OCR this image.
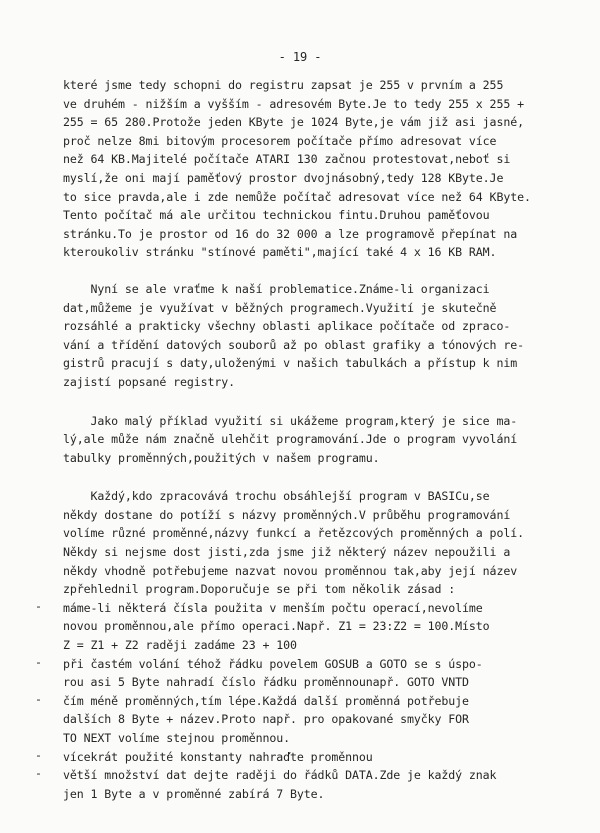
- 19 -
které jsme tedy schopni do registru zapsat je 255 v prvním a 255
ve druhém - nižším a vyšším - adresovém Byte.Je to tedy 255 x 255 +
255 = 65 280.Protože jeden KByte je 1024 Byte,je vám již asi jasné,
proč nelze 8mi bitovým procesorem počítače přímo adresovat více
než 64 KB.Majitelé počítače ATARI 130 začnou protestovat,neboť si
myslí,že oni mají paměťový prostor dvojnásobný,tedy 128 KByte.Je
to sice pravda,ale i zde nemůže počítač adresovat více než 64 KByte.
Tento počítač má ale určitou technickou fintu.Druhou paměťovou
stránku.To je prostor od 16 do 32 000 a lze programově přepínat na
kteroukoliv stránku "stínové paměti",mající také 4 x 16 KB RAM.
Nyní se ale vraťme k naší problematice.Známe-li organizaci
dat,můžeme je využívat v běžných programech.Využití je skutečně
rozsáhlé a prakticky všechny oblasti aplikace počítače od zpraco-
vání a třídění datových souborů až po oblast grafiky a tónových re-
gistrů pracují s daty,uloženými v našich tabulkách a přístup k nim
zajistí popsané registry.
Jako malý příklad využití si ukážeme program,který je sice ma-
lý,ale může nám značně ulehčit programování.Jde o program vyvolání
tabulky proměnných,použitých v našem programu.
Každý,kdo zpracovává trochu obsáhlejší program v BASICu,se
někdy dostane do potíží s názvy proměnných.V průběhu programování
volíme různé proměnné,názvy funkcí a řetězcových proměnných a polí.
Někdy si nejsme dost jisti,zda jsme již některý název nepoužili a
někdy vhodně potřebujeme nazvat novou proměnnou tak,aby její název
zpřehlednil program.Doporučuje se při tom několik zásad :
- máme-li některá čísla použita v menším počtu operací,nevolíme
novou proměnnou,ale přímo operaci.Např. Z1 = 23:Z2 = 100.Místo
Z = Z1 + Z2 raději zadáme 23 + 100
- při častém volání téhož řádku povelem GOSUB a GOTO se s úspo-
rou asi 5 Byte nahradí číslo řádku proměnnounapř. GOTO VNTD
- čím méně proměnných,tím lépe.Každá další proměnná potřebuje
dalších 8 Byte + název.Proto např. pro opakované smyčky FOR
TO NEXT volíme stejnou proměnnou.
- vícekrát použité konstanty nahraďte proměnnou
- větší množství dat dejte raději do řádků DATA.Zde je každý znak
jen 1 Byte a v proměnné zabírá 7 Byte.
